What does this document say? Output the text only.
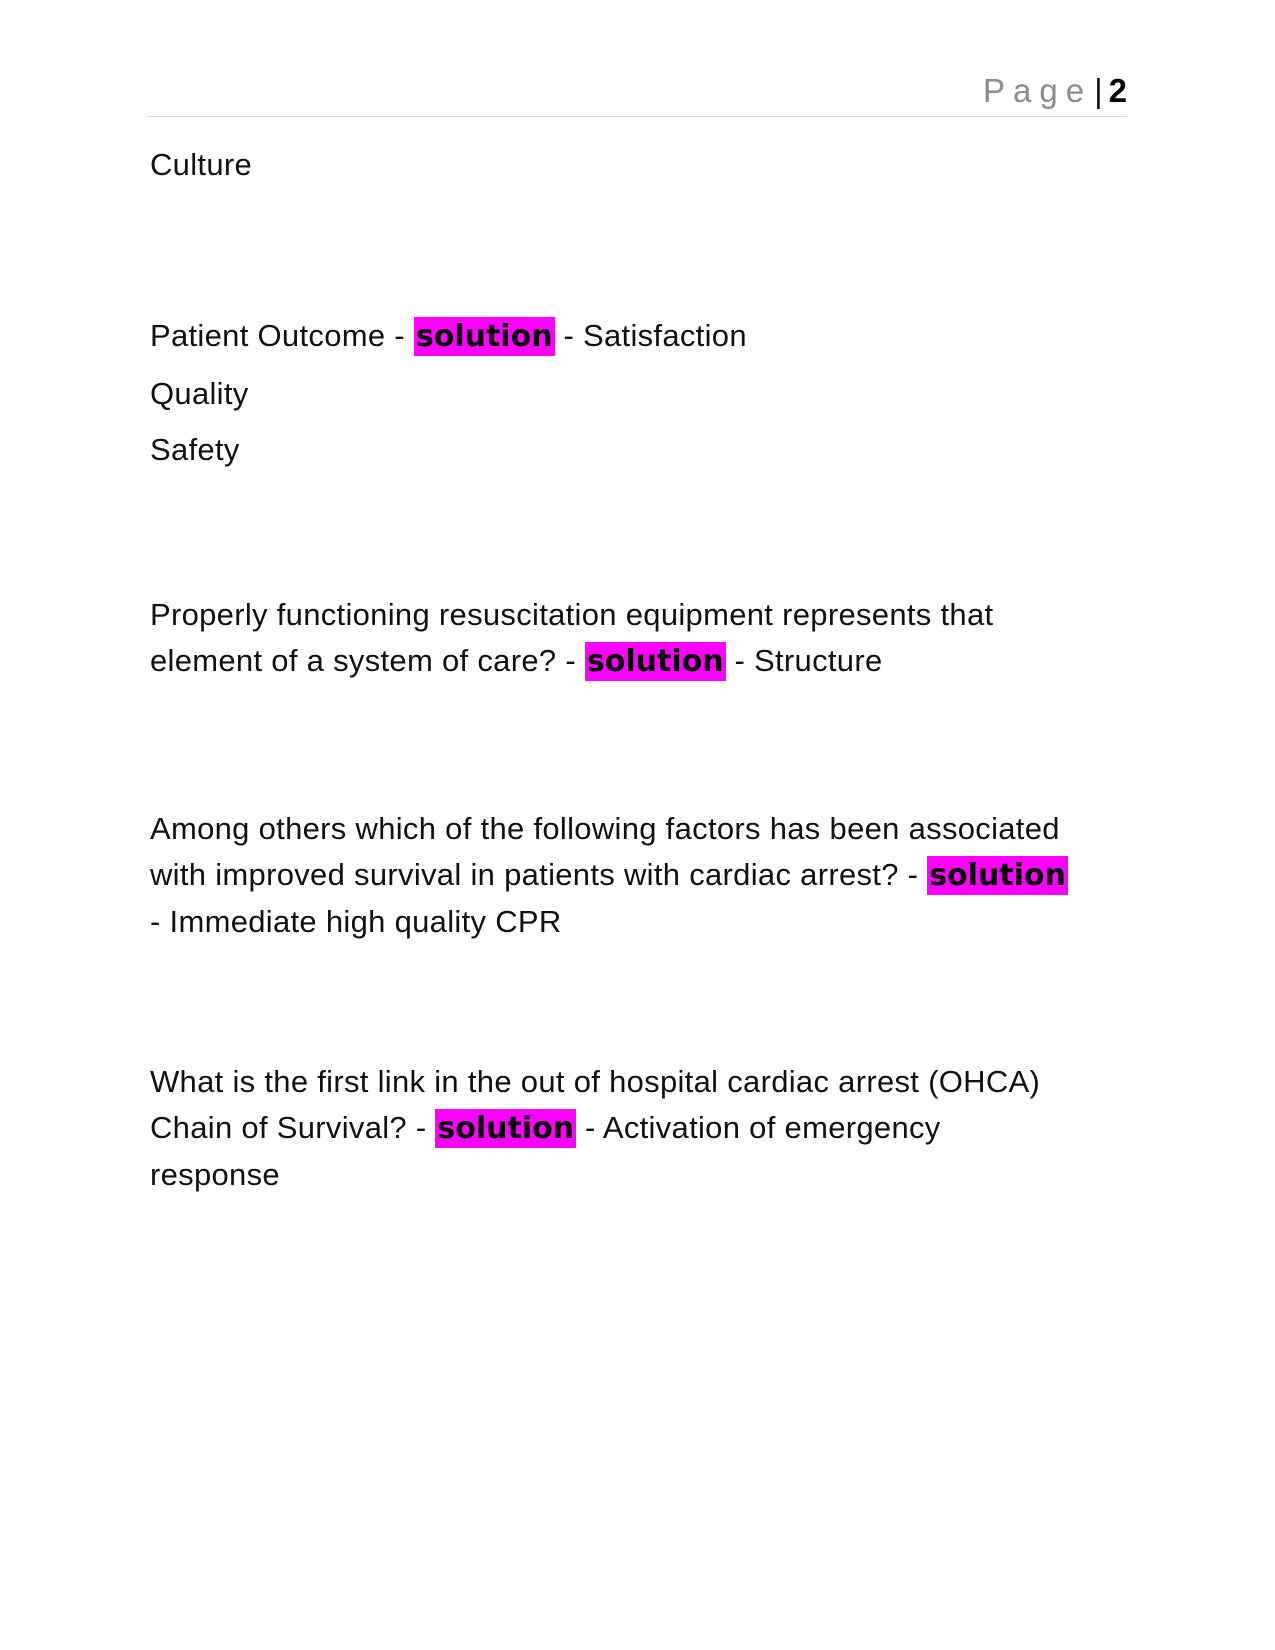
Page| 2

Culture

Patient Outcome - solution - Satisfaction

Quality

Safety

Properly functioning resuscitation equipment represents that
element of a system of care? - solution - Structure
Among others which of the following factors has been associated
with improved survival in patients with cardiac arrest? - solution
- Immediate high quality CPR
What is the first link in the out of hospital cardiac arrest (OHCA)
Chain of Survival? - solution - Activation of emergency
response
